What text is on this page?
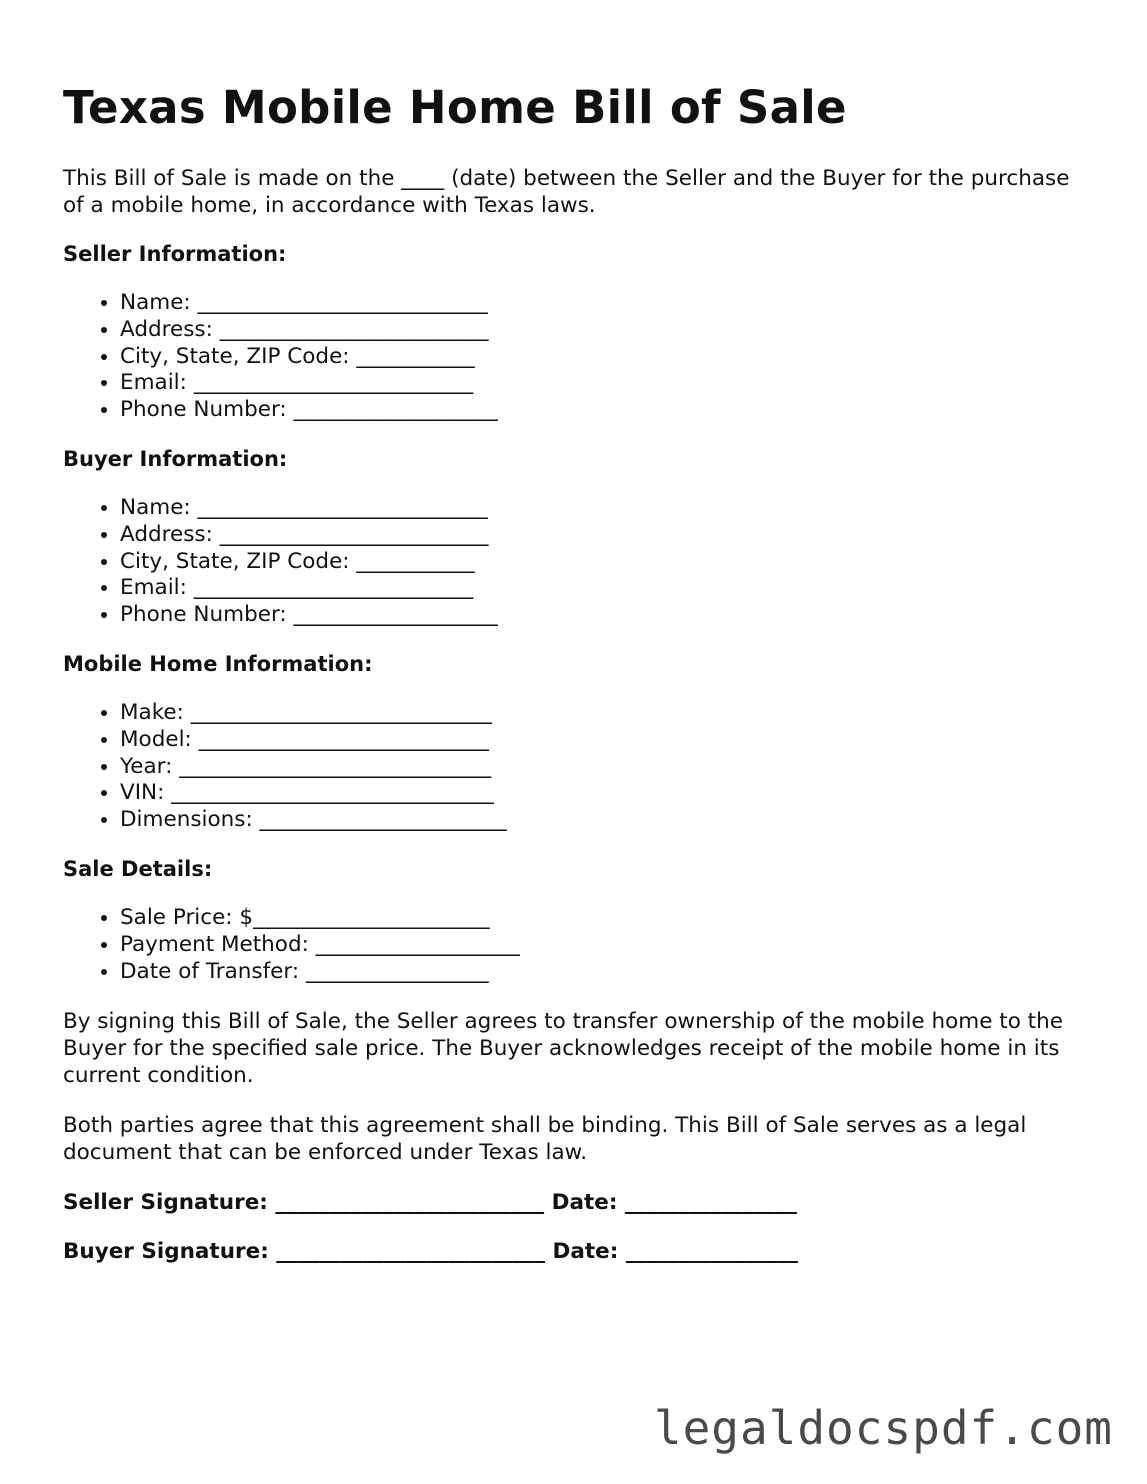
Texas Mobile Home Bill of Sale

This Bill of Sale is made on the ____ (date) between the Seller and the Buyer for the purchase of a mobile home, in accordance with Texas laws.

Seller Information:
• Name: ___________________________
• Address: _________________________
• City, State, ZIP Code: ___________
• Email: __________________________
• Phone Number: ___________________
Buyer Information:
• Name: ___________________________
• Address: _________________________
• City, State, ZIP Code: ___________
• Email: __________________________
• Phone Number: ___________________
Mobile Home Information:
• Make: ____________________________
• Model: ___________________________
• Year: _____________________________
• VIN: ______________________________
• Dimensions: _______________________
Sale Details:
• Sale Price: $______________________
• Payment Method: ___________________
• Date of Transfer: _________________

By signing this Bill of Sale, the Seller agrees to transfer ownership of the mobile home to the Buyer for the specified sale price. The Buyer acknowledges receipt of the mobile home in its current condition.

Both parties agree that this agreement shall be binding. This Bill of Sale serves as a legal document that can be enforced under Texas law.

Seller Signature: _________________________ Date: ________________
Buyer Signature: _________________________ Date: ________________
legaldocspdf.com
